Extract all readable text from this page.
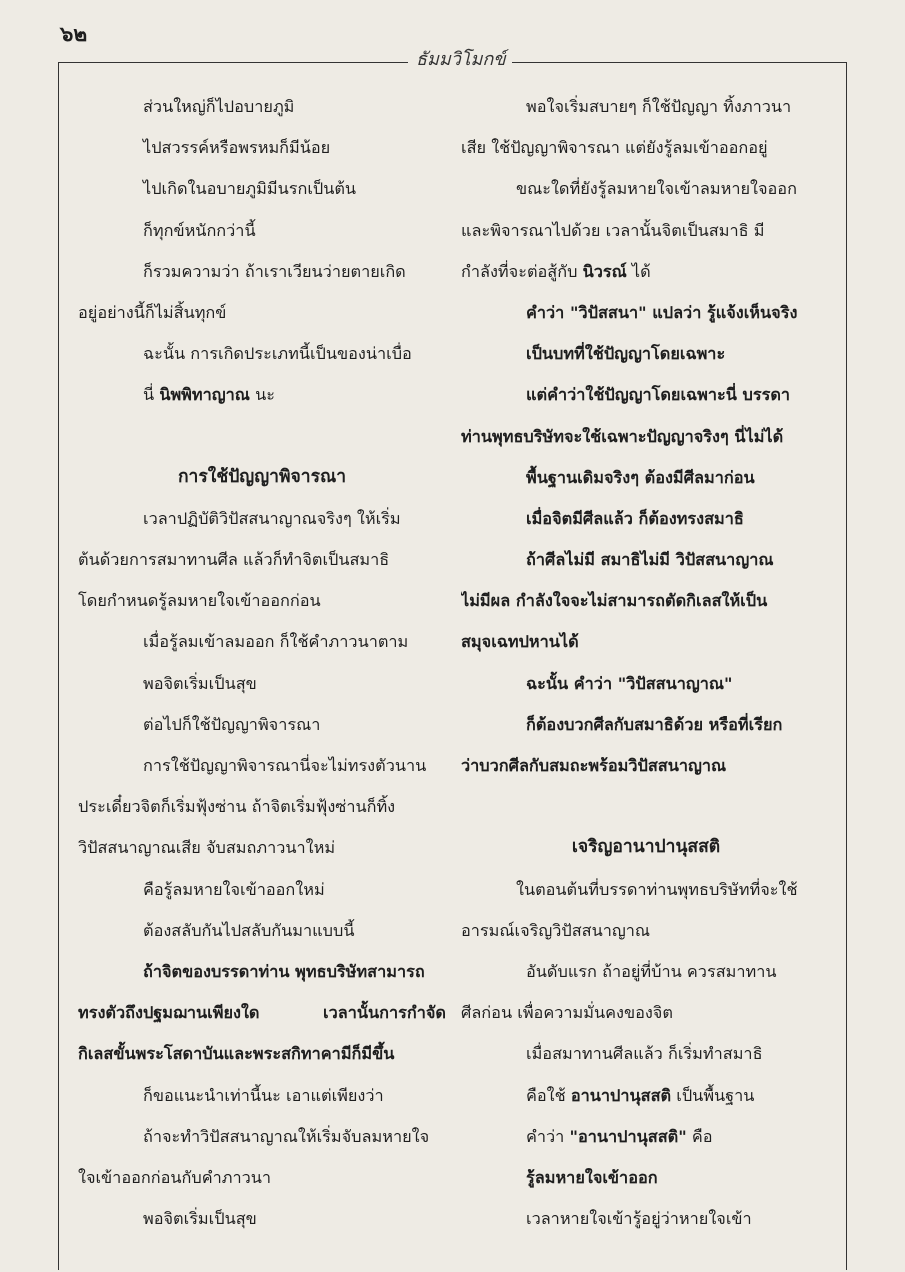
๖๒
ธัมมวิโมกข์
ส่วนใหญ่ก็ไปอบายภูมิ
ไปสวรรค์หรือพรหมก็มีน้อย
ไปเกิดในอบายภูมิมีนรกเป็นต้น
ก็ทุกข์หนักกว่านี้
ก็รวมความว่า ถ้าเราเวียนว่ายตายเกิด
อยู่อย่างนี้ก็ไม่สิ้นทุกข์
ฉะนั้น การเกิดประเภทนี้เป็นของน่าเบื่อ
นี่ นิพพิทาญาณ นะ
การใช้ปัญญาพิจารณา
เวลาปฏิบัติวิปัสสนาญาณจริงๆ ให้เริ่ม
ต้นด้วยการสมาทานศีล แล้วก็ทำจิตเป็นสมาธิ
โดยกำหนดรู้ลมหายใจเข้าออกก่อน
เมื่อรู้ลมเข้าลมออก ก็ใช้คำภาวนาตาม
พอจิตเริ่มเป็นสุข
ต่อไปก็ใช้ปัญญาพิจารณา
การใช้ปัญญาพิจารณานี่จะไม่ทรงตัวนาน
ประเดี๋ยวจิตก็เริ่มฟุ้งซ่าน ถ้าจิตเริ่มฟุ้งซ่านก็ทิ้ง
วิปัสสนาญาณเสีย จับสมถภาวนาใหม่
คือรู้ลมหายใจเข้าออกใหม่
ต้องสลับกันไปสลับกันมาแบบนี้
ถ้าจิตของบรรดาท่าน พุทธบริษัทสามารถ
ทรงตัวถึงปฐมฌานเพียงใด เวลานั้นการกำจัด
กิเลสขั้นพระโสดาบันและพระสกิทาคามีก็มีขึ้น
ก็ขอแนะนำเท่านี้นะ เอาแต่เพียงว่า
ถ้าจะทำวิปัสสนาญาณให้เริ่มจับลมหายใจ
ใจเข้าออกก่อนกับคำภาวนา
พอจิตเริ่มเป็นสุข
พอใจเริ่มสบายๆ ก็ใช้ปัญญา ทิ้งภาวนา
เสีย ใช้ปัญญาพิจารณา แต่ยังรู้ลมเข้าออกอยู่
ขณะใดที่ยังรู้ลมหายใจเข้าลมหายใจออก
และพิจารณาไปด้วย เวลานั้นจิตเป็นสมาธิ มี
กำลังที่จะต่อสู้กับ นิวรณ์ ได้
คำว่า "วิปัสสนา" แปลว่า รู้แจ้งเห็นจริง
เป็นบทที่ใช้ปัญญาโดยเฉพาะ
แต่คำว่าใช้ปัญญาโดยเฉพาะนี่ บรรดา
ท่านพุทธบริษัทจะใช้เฉพาะปัญญาจริงๆ นี่ไม่ได้
พื้นฐานเดิมจริงๆ ต้องมีศีลมาก่อน
เมื่อจิตมีศีลแล้ว ก็ต้องทรงสมาธิ
ถ้าศีลไม่มี สมาธิไม่มี วิปัสสนาญาณ
ไม่มีผล กำลังใจจะไม่สามารถตัดกิเลสให้เป็น
สมุจเฉทปหานได้
ฉะนั้น คำว่า "วิปัสสนาญาณ"
ก็ต้องบวกศีลกับสมาธิด้วย หรือที่เรียก
ว่าบวกศีลกับสมถะพร้อมวิปัสสนาญาณ
เจริญอานาปานุสสติ
ในตอนต้นที่บรรดาท่านพุทธบริษัทที่จะใช้
อารมณ์เจริญวิปัสสนาญาณ
อันดับแรก ถ้าอยู่ที่บ้าน ควรสมาทาน
ศีลก่อน เพื่อความมั่นคงของจิต
เมื่อสมาทานศีลแล้ว ก็เริ่มทำสมาธิ
คือใช้ อานาปานุสสติ เป็นพื้นฐาน
คำว่า "อานาปานุสสติ" คือ
รู้ลมหายใจเข้าออก
เวลาหายใจเข้ารู้อยู่ว่าหายใจเข้า
